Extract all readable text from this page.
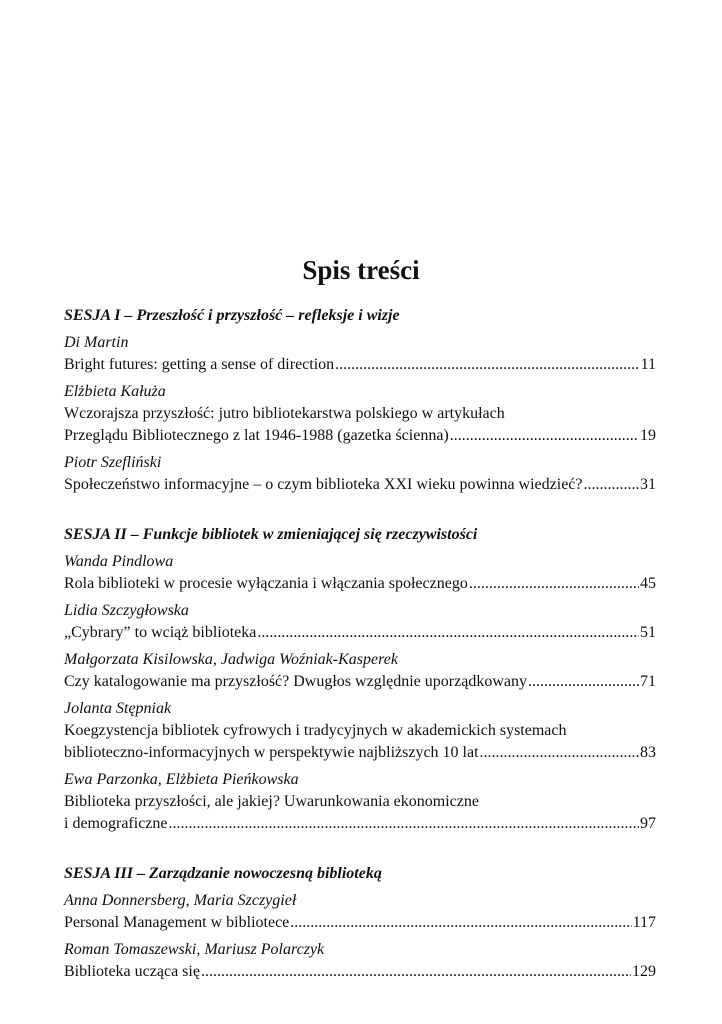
Spis treści
SESJA I – Przeszłość i przyszłość – refleksje i wizje
Di Martin
Bright futures: getting a sense of direction .....	11
Elżbieta Kałuża
Wczorajsza przyszłość: jutro bibliotekarstwa polskiego w artykułach
Przeglądu Bibliotecznego z lat 1946-1988 (gazetka ścienna) .....	19
Piotr Szefliński
Społeczeństwo informacyjne – o czym biblioteka XXI wieku powinna wiedzieć? .....	31
SESJA II – Funkcje bibliotek w zmieniającej się rzeczywistości
Wanda Pindlowa
Rola biblioteki w procesie wyłączania i włączania społecznego .....	45
Lidia Szczygłowska
„Cybrary” to wciąż biblioteka .....	51
Małgorzata Kisilowska, Jadwiga Woźniak-Kasperek
Czy katalogowanie ma przyszłość? Dwugłos względnie uporządkowany .....	71
Jolanta Stępniak
Koegzystencja bibliotek cyfrowych i tradycyjnych w akademickich systemach
biblioteczno-informacyjnych w perspektywie najbliższych 10 lat .....	83
Ewa Parzonka, Elżbieta Pieńkowska
Biblioteka przyszłości, ale jakiej? Uwarunkowania ekonomiczne
i demograficzne .....	97
SESJA III – Zarządzanie nowoczesną biblioteką
Anna Donnersberg, Maria Szczygieł
Personal Management w bibliotece .....	117
Roman Tomaszewski, Mariusz Polarczyk
Biblioteka ucząca się .....	129
